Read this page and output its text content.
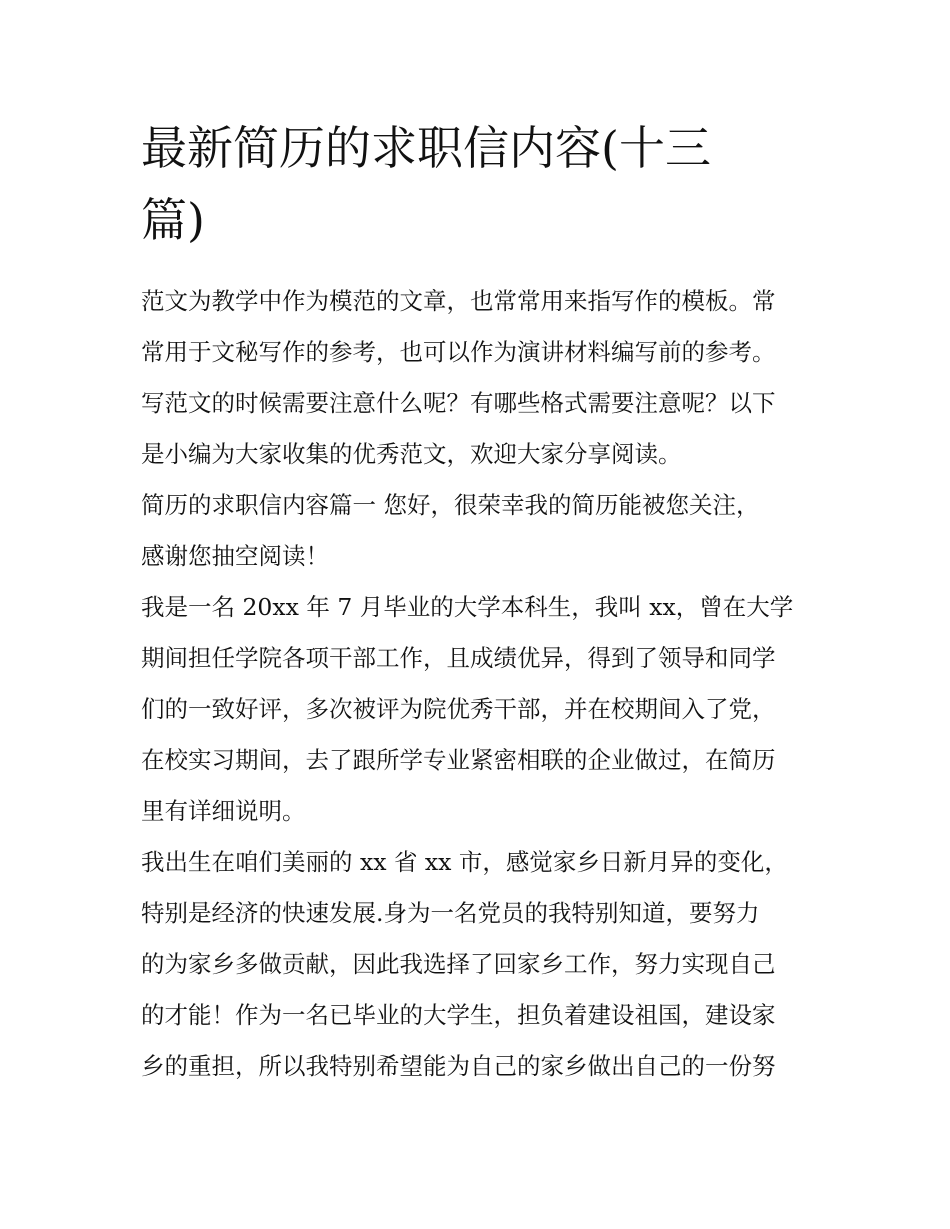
最新简历的求职信内容(十三
篇)
范文为教学中作为模范的文章，也常常用来指写作的模板。常
常用于文秘写作的参考，也可以作为演讲材料编写前的参考。
写范文的时候需要注意什么呢？有哪些格式需要注意呢？以下
是小编为大家收集的优秀范文，欢迎大家分享阅读。
简历的求职信内容篇一 您好，很荣幸我的简历能被您关注，
感谢您抽空阅读！
我是一名 20xx 年 7 月毕业的大学本科生，我叫 xx，曾在大学
期间担任学院各项干部工作，且成绩优异，得到了领导和同学
们的一致好评，多次被评为院优秀干部，并在校期间入了党，
在校实习期间，去了跟所学专业紧密相联的企业做过，在简历
里有详细说明。
我出生在咱们美丽的 xx 省 xx 市，感觉家乡日新月异的变化，
特别是经济的快速发展.身为一名党员的我特别知道，要努力
的为家乡多做贡献，因此我选择了回家乡工作，努力实现自己
的才能！作为一名已毕业的大学生，担负着建设祖国，建设家
乡的重担，所以我特别希望能为自己的家乡做出自己的一份努
